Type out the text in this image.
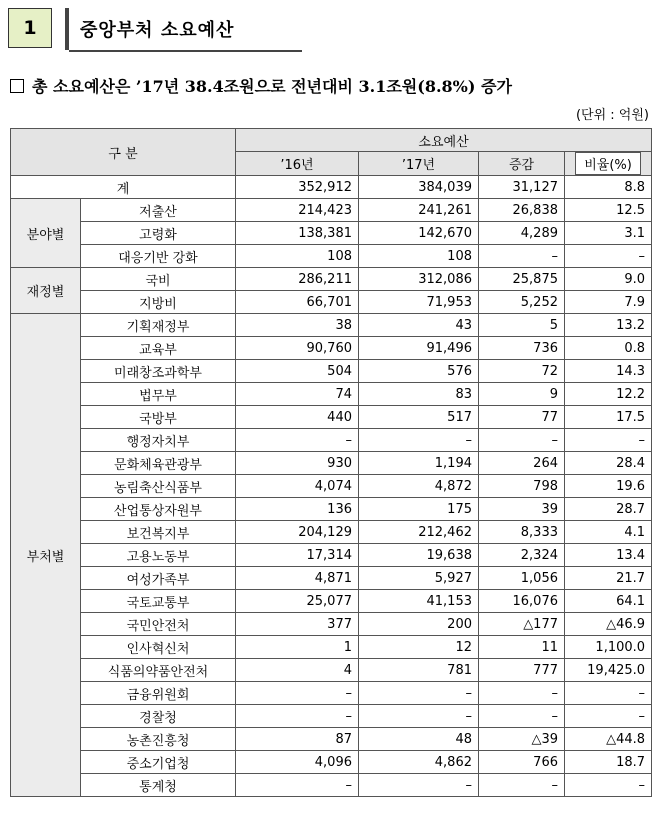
1	중앙부처 소요예산
총 소요예산은 ’17년 38.4조원으로 전년대비 3.1조원(8.8%) 증가
(단위 : 억원)
구 분		소요예산			
		’16년	’17년	증감	비율(%)
계		352,912	384,039	31,127	8.8
분야별	저출산	214,423	241,261	26,838	12.5
	고령화	138,381	142,670	4,289	3.1
	대응기반 강화	108	108	–	–
재정별	국비	286,211	312,086	25,875	9.0
	지방비	66,701	71,953	5,252	7.9
부처별	기획재정부	38	43	5	13.2
	교육부	90,760	91,496	736	0.8
	미래창조과학부	504	576	72	14.3
	법무부	74	83	9	12.2
	국방부	440	517	77	17.5
	행정자치부	–	–	–	–
	문화체육관광부	930	1,194	264	28.4
	농림축산식품부	4,074	4,872	798	19.6
	산업통상자원부	136	175	39	28.7
	보건복지부	204,129	212,462	8,333	4.1
	고용노동부	17,314	19,638	2,324	13.4
	여성가족부	4,871	5,927	1,056	21.7
	국토교통부	25,077	41,153	16,076	64.1
	국민안전처	377	200	△177	△46.9
	인사혁신처	1	12	11	1,100.0
	식품의약품안전처	4	781	777	19,425.0
	금융위원회	–	–	–	–
	경찰청	–	–	–	–
	농촌진흥청	87	48	△39	△44.8
	중소기업청	4,096	4,862	766	18.7
	통계청	–	–	–	–
